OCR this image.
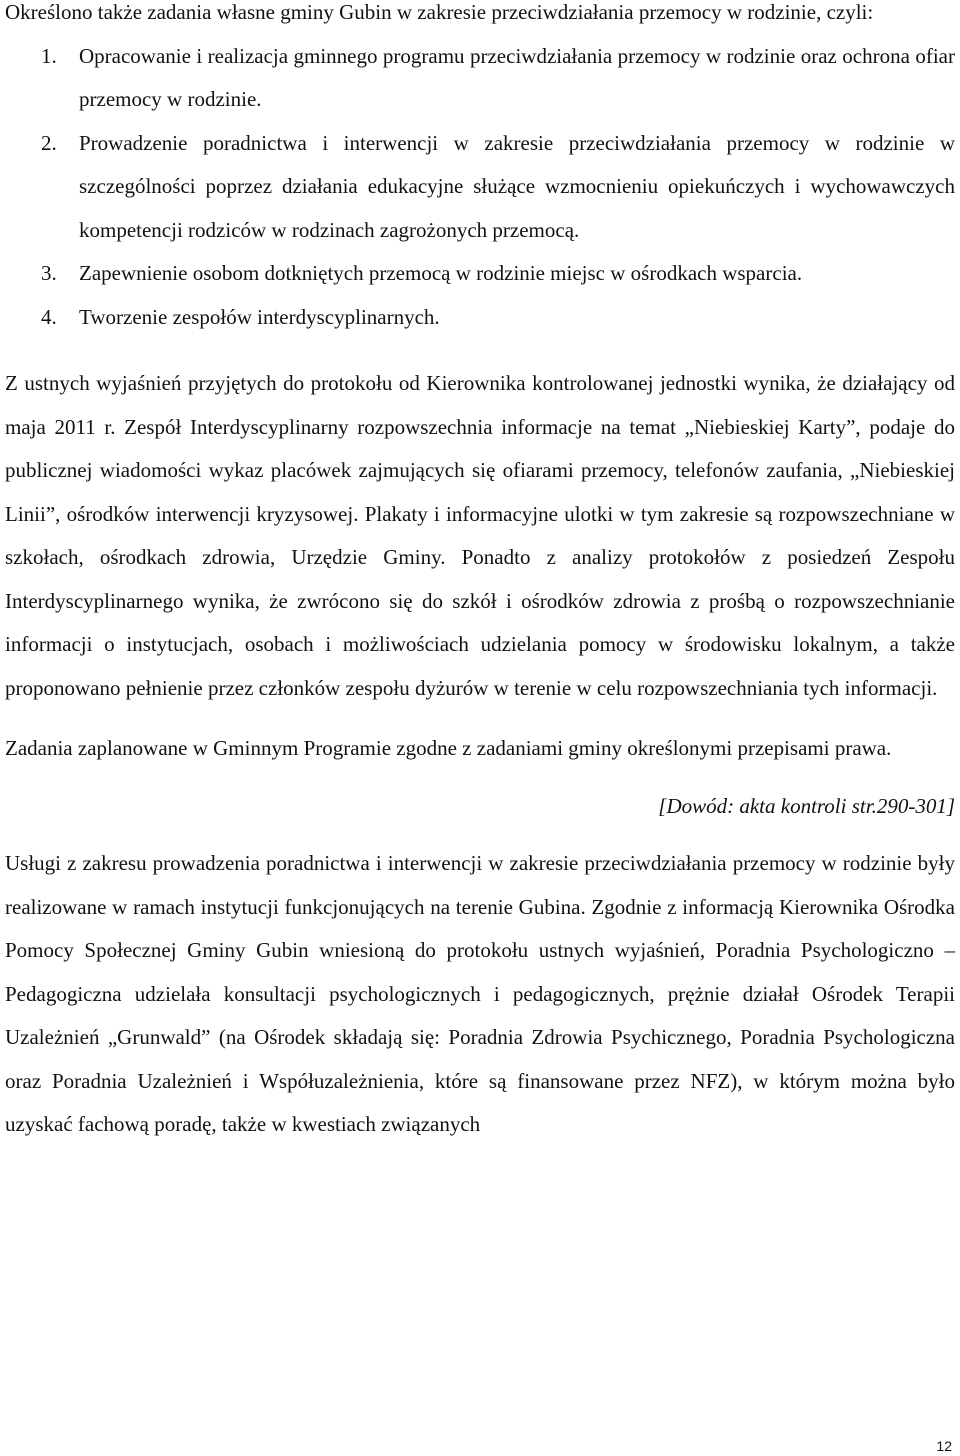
Określono także zadania własne gminy Gubin w zakresie przeciwdziałania przemocy w rodzinie, czyli:

1. Opracowanie i realizacja gminnego programu przeciwdziałania przemocy w rodzinie oraz ochrona ofiar przemocy w rodzinie.
2. Prowadzenie poradnictwa i interwencji w zakresie przeciwdziałania przemocy w rodzinie w szczególności poprzez działania edukacyjne służące wzmocnieniu opiekuńczych i wychowawczych kompetencji rodziców w rodzinach zagrożonych przemocą.
3. Zapewnienie osobom dotkniętych przemocą w rodzinie miejsc w ośrodkach wsparcia.
4. Tworzenie zespołów interdyscyplinarnych.

Z ustnych wyjaśnień przyjętych do protokołu od Kierownika kontrolowanej jednostki wynika, że działający od maja 2011 r. Zespół Interdyscyplinarny rozpowszechnia informacje na temat „Niebieskiej Karty”, podaje do publicznej wiadomości wykaz placówek zajmujących się ofiarami przemocy, telefonów zaufania, „Niebieskiej Linii”, ośrodków interwencji kryzysowej. Plakaty i informacyjne ulotki w tym zakresie są rozpowszechniane w szkołach, ośrodkach zdrowia, Urzędzie Gminy. Ponadto z analizy protokołów z posiedzeń Zespołu Interdyscyplinarnego wynika, że zwrócono się do szkół i ośrodków zdrowia z prośbą o rozpowszechnianie informacji o instytucjach, osobach i możliwościach udzielania pomocy w środowisku lokalnym, a także proponowano pełnienie przez członków zespołu dyżurów w terenie w celu rozpowszechniania tych informacji.

Zadania zaplanowane w Gminnym Programie zgodne z zadaniami gminy określonymi przepisami prawa.

[Dowód: akta kontroli str.290-301]

Usługi z zakresu prowadzenia poradnictwa i interwencji w zakresie przeciwdziałania przemocy w rodzinie były realizowane w ramach instytucji funkcjonujących na terenie Gubina. Zgodnie z informacją Kierownika Ośrodka Pomocy Społecznej Gminy Gubin wniesioną do protokołu ustnych wyjaśnień, Poradnia Psychologiczno – Pedagogiczna udzielała konsultacji psychologicznych i pedagogicznych, prężnie działał Ośrodek Terapii Uzależnień „Grunwald” (na Ośrodek składają się: Poradnia Zdrowia Psychicznego, Poradnia Psychologiczna oraz Poradnia Uzależnień i Współuzależnienia, które są finansowane przez NFZ), w którym można było uzyskać fachową poradę, także w kwestiach związanych

12
